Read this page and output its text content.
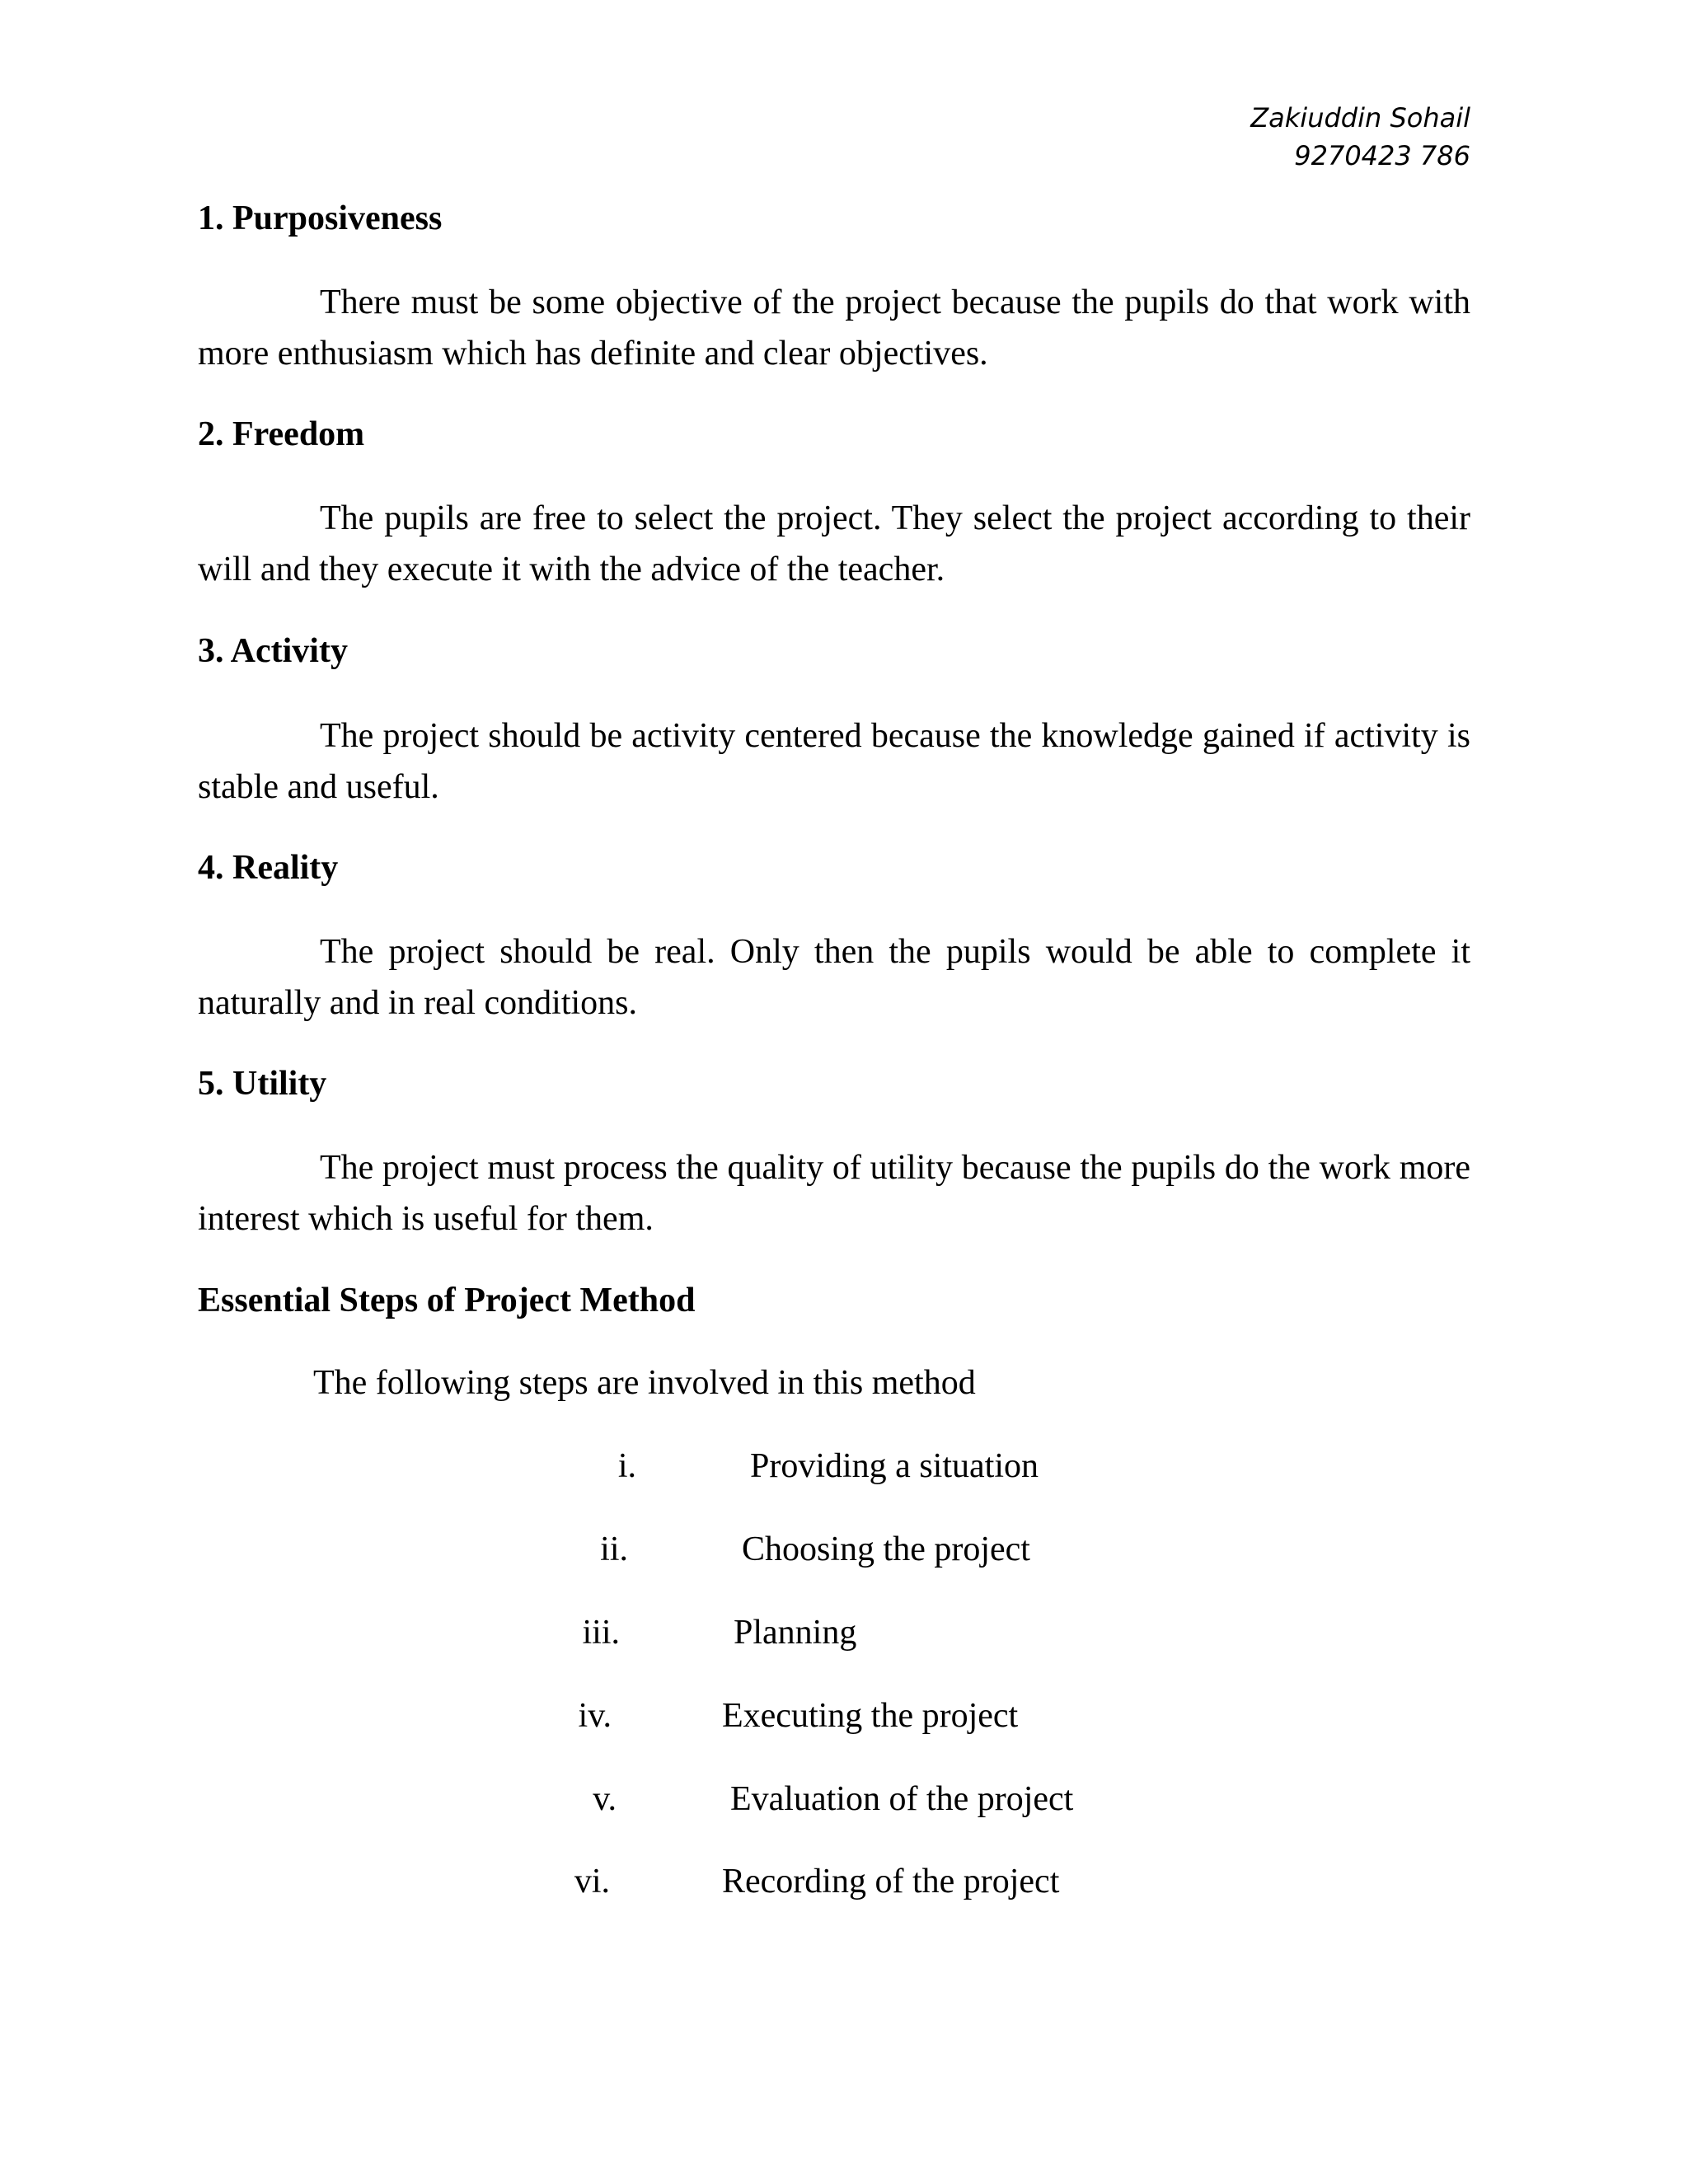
Zakiuddin Sohail
9270423 786

1. Purposiveness

There must be some objective of the project because the pupils do that work with more enthusiasm which has definite and clear objectives.

2. Freedom

The pupils are free to select the project. They select the project according to their will and they execute it with the advice of the teacher.

3. Activity

The project should be activity centered because the knowledge gained if activity is stable and useful.

4. Reality

The project should be real. Only then the pupils would be able to complete it naturally and in real conditions.

5. Utility

The project must process the quality of utility because the pupils do the work more interest which is useful for them.

Essential Steps of Project Method

The following steps are involved in this method
i.	Providing a situation
ii.	Choosing the project
iii.	Planning
iv.	Executing the project
v.	Evaluation of the project
vi.	Recording of the project
